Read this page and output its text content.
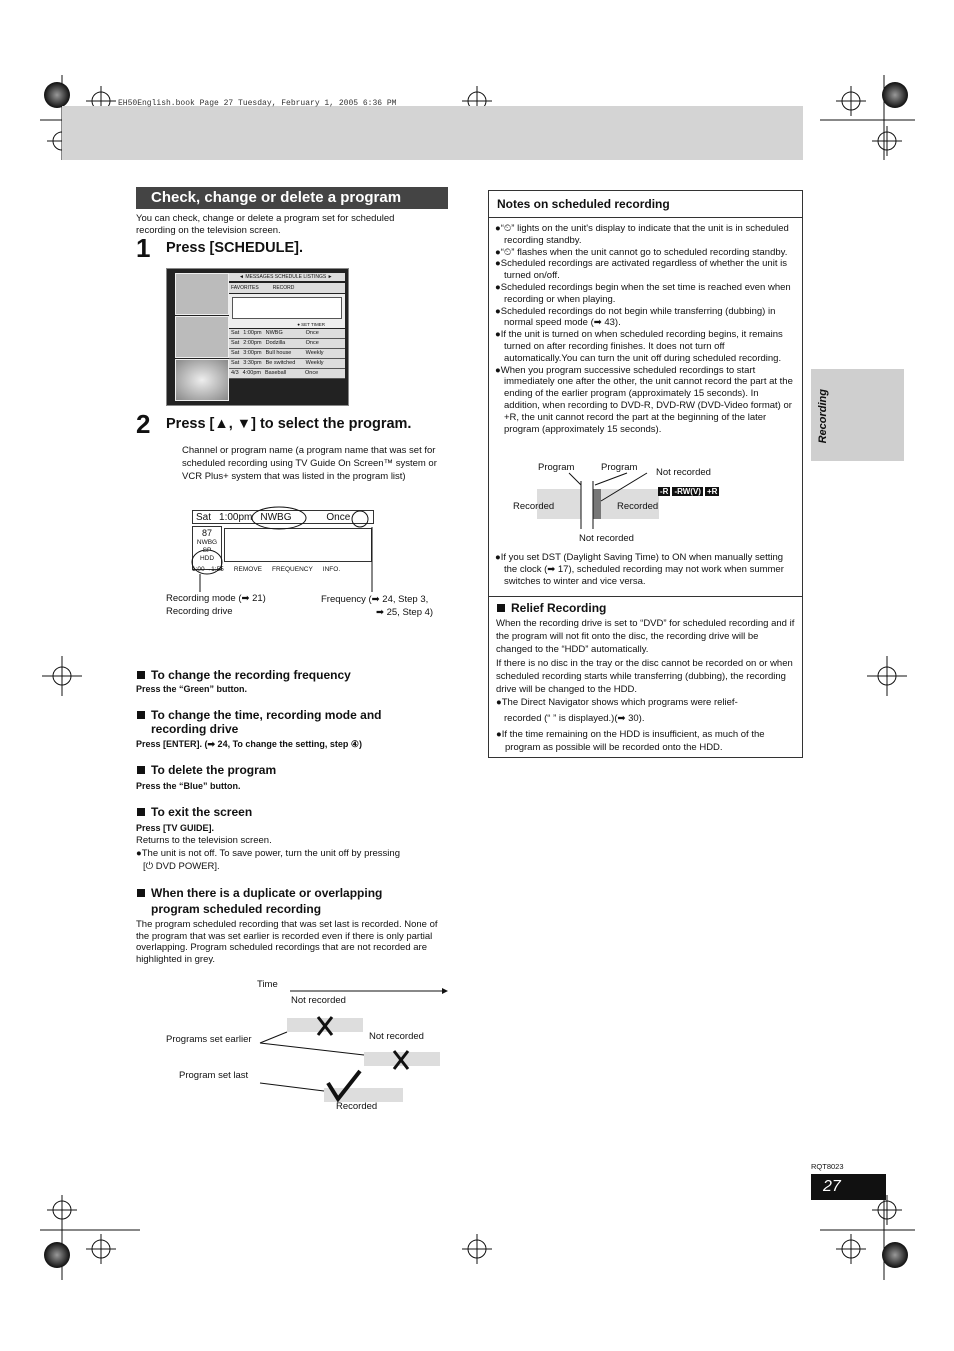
EH50English.book Page 27 Tuesday, February 1, 2005 6:36 PM
Recording
Check, change or delete a program
You can check, change or delete a program set for scheduled recording on the television screen.
1 Press [SCHEDULE].
◄ MESSAGES SCHEDULE LISTINGS ►
FAVORITES	RECORD
● SET TIMER
Sat 1:00pm NWBG	Once
Sat 2:00pm Dodzilla	Once
Sat 3:00pm Bull house	Weekly
Sat 3:30pm Be switched	Weekly
4/3 4:00pm Baseball	Once
2 Press [▲, ▼] to select the program.
Channel or program name (a program name that was set for scheduled recording using TV Guide On Screen™ system or VCR Plus+ system that was listed in the program list)
Sat 1:00pm NWBG	Once
87
NWBG
SP
HDD
1:00→1:55 REMOVE FREQUENCY INFO.
Recording mode (➡ 21)
Recording drive
Frequency (➡ 24, Step 3,
➡ 25, Step 4)
To change the recording frequency
Press the “Green” button.
To change the time, recording mode and
recording drive
Press [ENTER]. (➡ 24, To change the setting, step ④)
To delete the program
Press the “Blue” button.
To exit the screen
Press [TV GUIDE].
Returns to the television screen.
●The unit is not off. To save power, turn the unit off by pressing
[⏻ DVD POWER].
When there is a duplicate or overlapping
program scheduled recording
The program scheduled recording that was set last is recorded. None of the program that was set earlier is recorded even if there is only partial overlapping. Program scheduled recordings that are not recorded are highlighted in grey.
Time
Not recorded
Not recorded
Programs set earlier
Program set last
Recorded
Notes on scheduled recording
●“⏲” lights on the unit's display to indicate that the unit is in scheduled recording standby.
●“⏲” flashes when the unit cannot go to scheduled recording standby.
●Scheduled recordings are activated regardless of whether the unit is turned on/off.
●Scheduled recordings begin when the set time is reached even when recording or when playing.
●Scheduled recordings do not begin while transferring (dubbing) in normal speed mode (➡ 43).
●If the unit is turned on when scheduled recording begins, it remains turned on after recording finishes. It does not turn off automatically.You can turn the unit off during scheduled recording.
●When you program successive scheduled recordings to start immediately one after the other, the unit cannot record the part at the ending of the earlier program (approximately 15 seconds). In addition, when recording to DVD-R, DVD-RW (DVD-Video format) or +R, the unit cannot record the part at the beginning of the later program (approximately 15 seconds).
Program	Program Not recorded
-R -RW(V) +R
Recorded	Recorded
Not recorded
●If you set DST (Daylight Saving Time) to ON when manually setting the clock (➡ 17), scheduled recording may not work when summer switches to winter and vice versa.
Relief Recording
When the recording drive is set to “DVD” for scheduled recording and if the program will not fit onto the disc, the recording drive will be changed to the “HDD” automatically.
If there is no disc in the tray or the disc cannot be recorded on or when scheduled recording starts while transferring (dubbing), the recording drive will be changed to the HDD.
●The Direct Navigator shows which programs were relief-
recorded (“ ” is displayed.)(➡ 30).
●If the time remaining on the HDD is insufficient, as much of the program as possible will be recorded onto the HDD.
RQT8023
27
